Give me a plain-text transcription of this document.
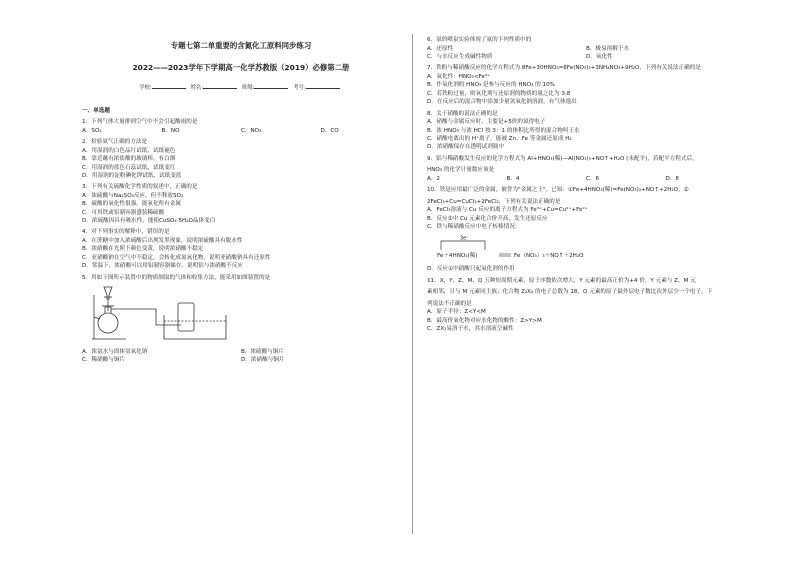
专题七第二单重要的含氮化工原料同步练习
2022——2023学年下学期高一化学苏教版（2019）必修第二册
学校:	姓名:	班级:	考号:
一、单选题

1．下列气体大量排到空气中不会引起酸雨的是

A．SO₂	B．NO	C．NO₂	D．CO

2．检验氨气正确的方法是

A．用湿润的白色品红试纸，试纸褪色

B．靠近蘸有浓盐酸的玻璃棒，有白烟

C．用湿润的蓝色石蕊试纸，试纸变红

D．用湿润的淀粉碘化钾试纸，试纸变蓝

3．下列有关硫酸化学性质的叙述中，正确的是

A．浓硫酸与Na₂SO₃反应，但不释放SO₂

B．硫酸的氧化性很强，能氧化所有金属

C．可用铁或铝制容器盛装稀硫酸

D．浓硫酸因具有吸水性，能使CuSO₄·5H₂O晶体变白

4．对下列事实的解释中，错误的是

A．在蔗糖中加入浓硫酸后出现发黑现象，说明浓硫酸具有脱水性

B．浓硝酸在光照下颜色变黄，说明浓硝酸不稳定

C．亚硝酸钠在空气中不稳定，会转化成氮氧化物，说明亚硝酸钠具有还原性

D．常温下，浓硝酸可以用铝制容器储存，说明铝与浓硝酸不反应

5．用如下图所示装置中的物质制取的气体和收集方法，能采用如图装置的是

A．浓氨水与固体氢氧化钠	B．浓硫酸与铜片
C．稀硝酸与铜片	D．浓硝酸与铜片

6．氨的喷泉实验体现了氨的下列性质中的

A．还原性	B．极易溶解于水
C．与水反应生成碱性物质	D．氧化性

7．铁粉与稀硝酸反应的化学方程式为 8Fe+30HNO₃=8Fe(NO₃)₃+3NH₄NO₃+9H₂O，下列有关说法正确的是

A．氧化性：HNO₃<Fe³⁺

B．作氧化剂的 HNO₃ 是参与反应的 HNO₃ 的 10%

C．若铁粉过量，则氧化剂与还原剂的物质的量之比为 3:8

D．在反应后的混合物中添加少量氢氧化钠溶液，有气体逸出

8．关于硝酸的说法正确的是

A．硝酸与金属反应时，主要是+5价的氮得电子

B．浓 HNO₃ 与浓 HCl 按 3：1 的体积比所得的混合物叫王水

C．硝酸电离出的 H⁺离子，能被 Zn、Fe 等金属还原成 H₂

D．浓硝酸保存在透明试剂瓶中

9．铝与稀硝酸发生反应的化学方程式为 Al+HNO₃(稀)—Al(NO₃)₃+NO↑+H₂O (未配平)，若配平方程式后，

HNO₃ 的化学计量数应该是

A．2	B．4	C．6	D．8

10．铁是应用最广泛的金属，被誉为"金属之王"。已知：①Fe+4HNO₃(稀)=Fe(NO₃)₃+NO↑+2H₂O，②

2FeCl₃+Cu=CuCl₂+2FeCl₂，下列有关说法正确的是

A．FeCl₃溶液与 Cu 反应的离子方程式为 Fe³⁺+Cu=Cu²⁺+Fe²⁺

B．反应②中 Cu 元素化合价升高，发生还原反应

C．铁与稀硝酸反应中电子转移情况：

3e⁻
Fe＋4HNO₃(稀)	Fe（NO₃）₃＋NO↑＋2H₂O

D．反应①中硝酸只起氧化剂的作用

11．X、Y、Z、M、Q 五种短周期元素，原子序数依次增大，Y 元素的最高正价为+4 价，Y 元素与 Z、M 元

素相邻，且与 M 元素同主族；化合物 Z₂X₄ 的电子总数为 18，Q 元素的原子最外层电子数比次外层少一个电子。下

列说法不正确的是

A．原子半径：Z<Y<M

B．最高价氧化物对应水化物的酸性：Z>Y>M

C．ZX₃易溶于水，其水溶液呈碱性
